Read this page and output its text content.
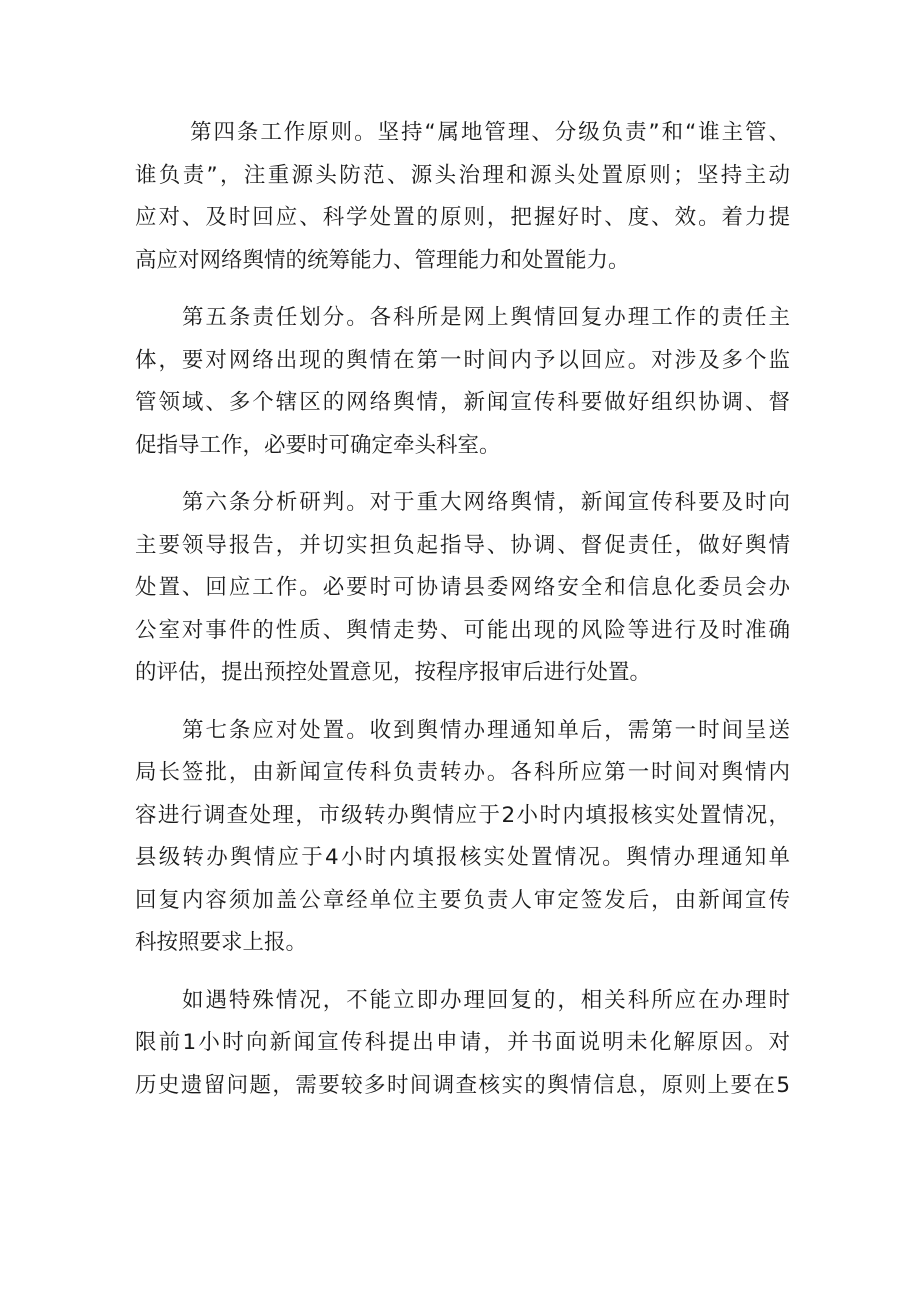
第四条工作原则。坚持“属地管理、分级负责”和“谁主管、
谁负责”，注重源头防范、源头治理和源头处置原则；坚持主动
应对、及时回应、科学处置的原则，把握好时、度、效。着力提
高应对网络舆情的统筹能力、管理能力和处置能力。
第五条责任划分。各科所是网上舆情回复办理工作的责任主
体，要对网络出现的舆情在第一时间内予以回应。对涉及多个监
管领域、多个辖区的网络舆情，新闻宣传科要做好组织协调、督
促指导工作，必要时可确定牵头科室。
第六条分析研判。对于重大网络舆情，新闻宣传科要及时向
主要领导报告，并切实担负起指导、协调、督促责任，做好舆情
处置、回应工作。必要时可协请县委网络安全和信息化委员会办
公室对事件的性质、舆情走势、可能出现的风险等进行及时准确
的评估，提出预控处置意见，按程序报审后进行处置。
第七条应对处置。收到舆情办理通知单后，需第一时间呈送
局长签批，由新闻宣传科负责转办。各科所应第一时间对舆情内
容进行调查处理，市级转办舆情应于2小时内填报核实处置情况，
县级转办舆情应于4小时内填报核实处置情况。舆情办理通知单
回复内容须加盖公章经单位主要负责人审定签发后，由新闻宣传
科按照要求上报。
如遇特殊情况，不能立即办理回复的，相关科所应在办理时
限前1小时向新闻宣传科提出申请，并书面说明未化解原因。对
历史遗留问题，需要较多时间调查核实的舆情信息，原则上要在5
